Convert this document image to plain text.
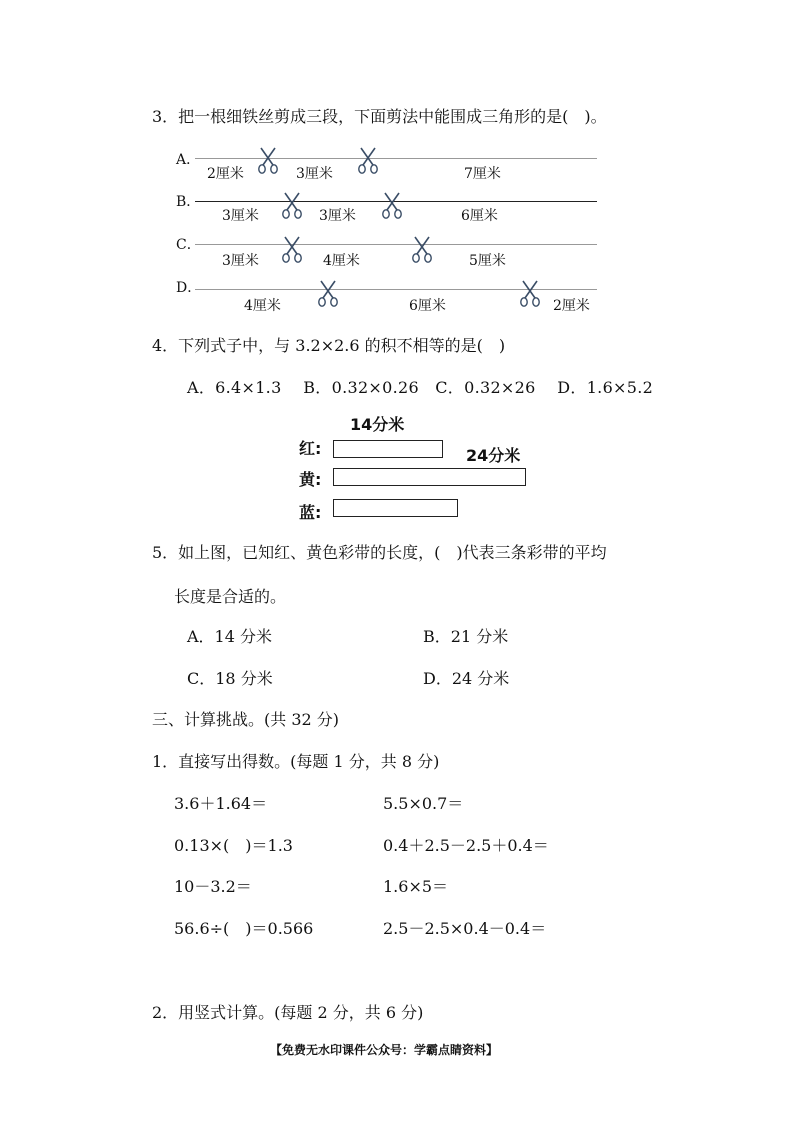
3．把一根细铁丝剪成三段，下面剪法中能围成三角形的是(　)。
A．
2厘米	3厘米	7厘米
B．
3厘米	3厘米	6厘米
C．
3厘米	4厘米	5厘米
D．
4厘米	6厘米	2厘米
4．下列式子中，与 3.2×2.6 的积不相等的是(　)
A．6.4×1.3　 B．0.32×0.26　C．0.32×26　 D．1.6×5.2
14分米
红:	24分米
黄:
蓝:
5．如上图，已知红、黄色彩带的长度，(　)代表三条彩带的平均
长度是合适的。
A．14 分米	B．21 分米
C．18 分米	D．24 分米
三、计算挑战。(共 32 分)
1．直接写出得数。(每题 1 分，共 8 分)
3.6＋1.64＝	5.5×0.7＝
0.13×(　)＝1.3	0.4＋2.5－2.5＋0.4＝
10－3.2＝	1.6×5＝
56.6÷(　)＝0.566	2.5－2.5×0.4－0.4＝
2．用竖式计算。(每题 2 分，共 6 分)
【免费无水印课件公众号：学霸点睛资料】
